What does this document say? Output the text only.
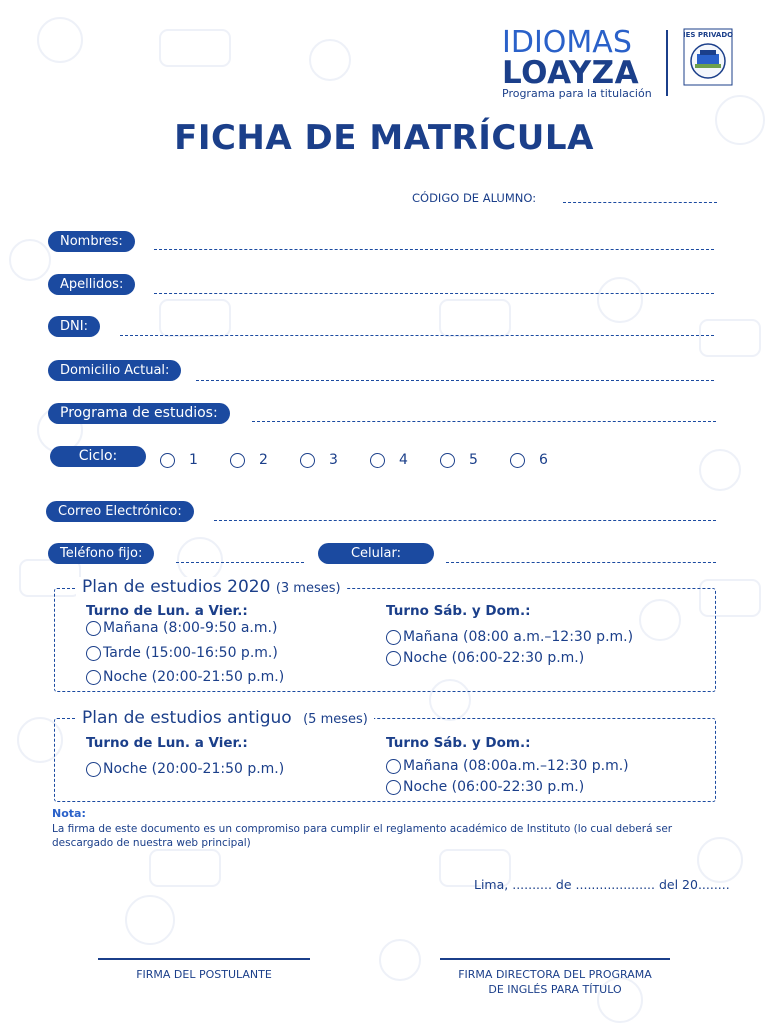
IDIOMAS
LOAYZA
Programa para la titulación
IES PRIVADO
FICHA DE MATRÍCULA
CÓDIGO DE ALUMNO:
Nombres:
Apellidos:
DNI:
Domicilio Actual:
Programa de estudios:
Ciclo:	1	2	3	4	5	6
Correo Electrónico:
Teléfono fijo:	Celular:
Plan de estudios 2020 (3 meses)
Turno de Lun. a Vier.:
Mañana (8:00-9:50 a.m.)
Tarde (15:00-16:50 p.m.)
Noche (20:00-21:50 p.m.)
Turno Sáb. y Dom.:
Mañana (08:00 a.m.–12:30 p.m.)
Noche (06:00-22:30 p.m.)
Plan de estudios antiguo (5 meses)
Turno de Lun. a Vier.:
Noche (20:00-21:50 p.m.)
Turno Sáb. y Dom.:
Mañana (08:00a.m.–12:30 p.m.)
Noche (06:00-22:30 p.m.)
Nota:
La firma de este documento es un compromiso para cumplir el reglamento académico de Instituto (lo cual deberá ser descargado de nuestra web principal)
Lima, .......... de .................... del 20........
FIRMA DEL POSTULANTE	FIRMA DIRECTORA DEL PROGRAMA
DE INGLÉS PARA TÍTULO
